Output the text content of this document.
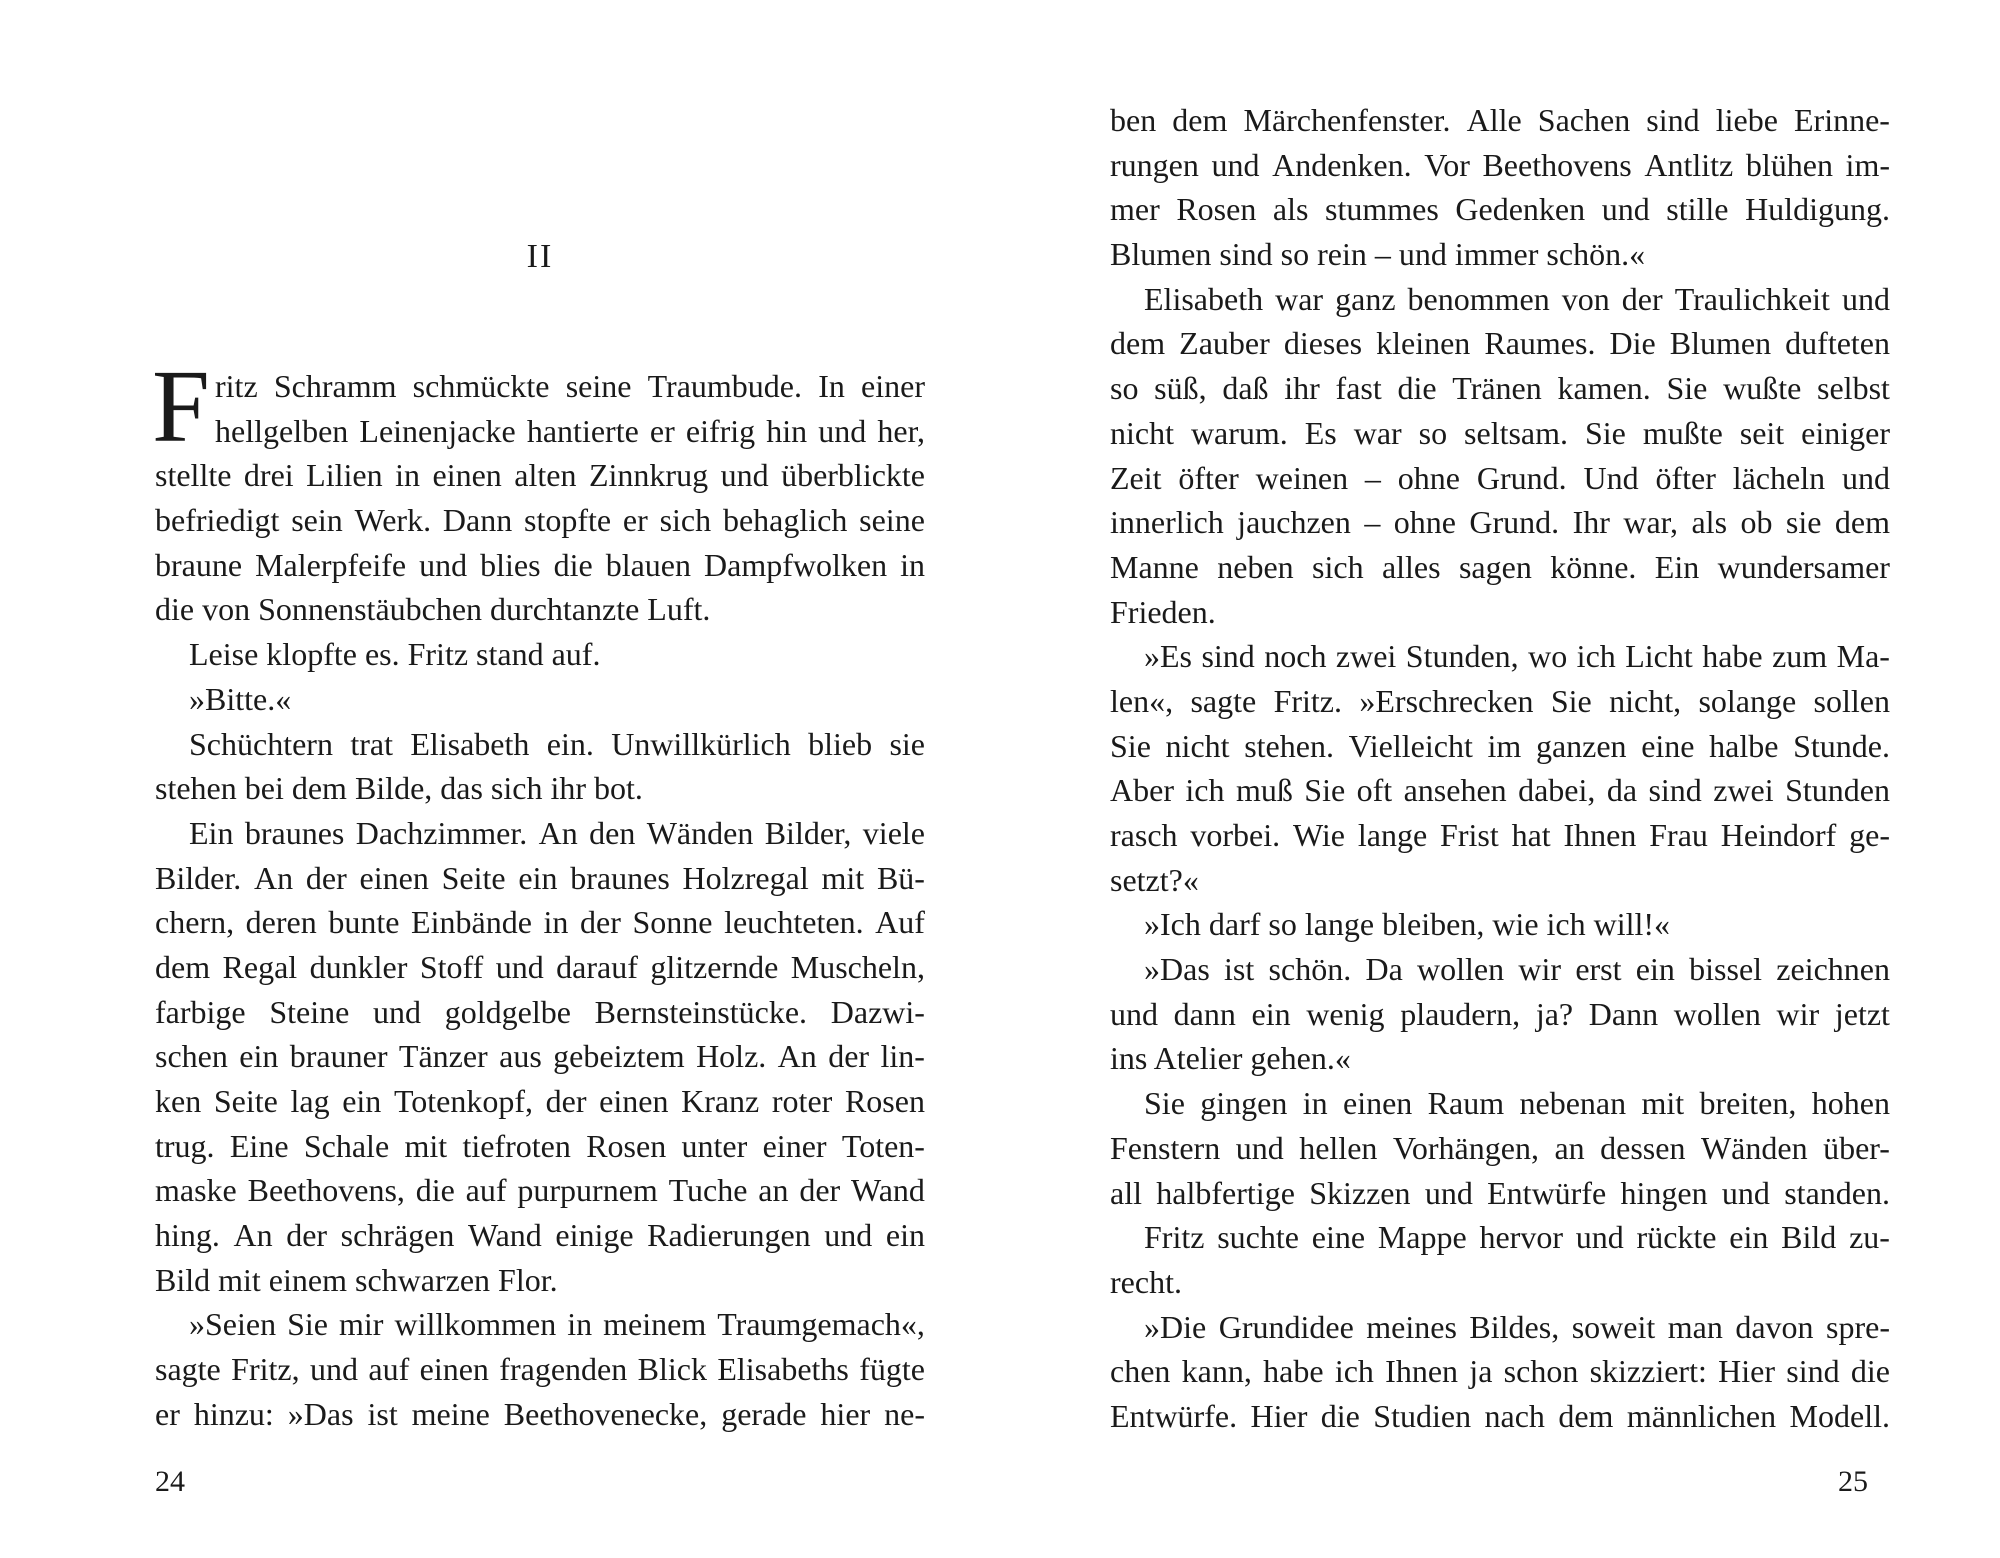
II
F ritz Schramm schmückte seine Traumbude. In einer
hellgelben Leinenjacke hantierte er eifrig hin und her,
stellte drei Lilien in einen alten Zinnkrug und überblickte
befriedigt sein Werk. Dann stopfte er sich behaglich seine
braune Malerpfeife und blies die blauen Dampfwolken in
die von Sonnenstäubchen durchtanzte Luft.
Leise klopfte es. Fritz stand auf.
»Bitte.«
Schüchtern trat Elisabeth ein. Unwillkürlich blieb sie
stehen bei dem Bilde, das sich ihr bot.
Ein braunes Dachzimmer. An den Wänden Bilder, viele
Bilder. An der einen Seite ein braunes Holzregal mit Bü-
chern, deren bunte Einbände in der Sonne leuchteten. Auf
dem Regal dunkler Stoff und darauf glitzernde Muscheln,
farbige Steine und goldgelbe Bernsteinstücke. Dazwi-
schen ein brauner Tänzer aus gebeiztem Holz. An der lin-
ken Seite lag ein Totenkopf, der einen Kranz roter Rosen
trug. Eine Schale mit tiefroten Rosen unter einer Toten-
maske Beethovens, die auf purpurnem Tuche an der Wand
hing. An der schrägen Wand einige Radierungen und ein
Bild mit einem schwarzen Flor.
»Seien Sie mir willkommen in meinem Traumgemach«,
sagte Fritz, und auf einen fragenden Blick Elisabeths fügte
er hinzu: »Das ist meine Beethovenecke, gerade hier ne-
24
ben dem Märchenfenster. Alle Sachen sind liebe Erinne-
rungen und Andenken. Vor Beethovens Antlitz blühen im-
mer Rosen als stummes Gedenken und stille Huldigung.
Blumen sind so rein – und immer schön.«
Elisabeth war ganz benommen von der Traulichkeit und
dem Zauber dieses kleinen Raumes. Die Blumen dufteten
so süß, daß ihr fast die Tränen kamen. Sie wußte selbst
nicht warum. Es war so seltsam. Sie mußte seit einiger
Zeit öfter weinen – ohne Grund. Und öfter lächeln und
innerlich jauchzen – ohne Grund. Ihr war, als ob sie dem
Manne neben sich alles sagen könne. Ein wundersamer
Frieden.
»Es sind noch zwei Stunden, wo ich Licht habe zum Ma-
len«, sagte Fritz. »Erschrecken Sie nicht, solange sollen
Sie nicht stehen. Vielleicht im ganzen eine halbe Stunde.
Aber ich muß Sie oft ansehen dabei, da sind zwei Stunden
rasch vorbei. Wie lange Frist hat Ihnen Frau Heindorf ge-
setzt?«
»Ich darf so lange bleiben, wie ich will!«
»Das ist schön. Da wollen wir erst ein bissel zeichnen
und dann ein wenig plaudern, ja? Dann wollen wir jetzt
ins Atelier gehen.«
Sie gingen in einen Raum nebenan mit breiten, hohen
Fenstern und hellen Vorhängen, an dessen Wänden über-
all halbfertige Skizzen und Entwürfe hingen und standen.
Fritz suchte eine Mappe hervor und rückte ein Bild zu-
recht.
»Die Grundidee meines Bildes, soweit man davon spre-
chen kann, habe ich Ihnen ja schon skizziert: Hier sind die
Entwürfe. Hier die Studien nach dem männlichen Modell.
25
